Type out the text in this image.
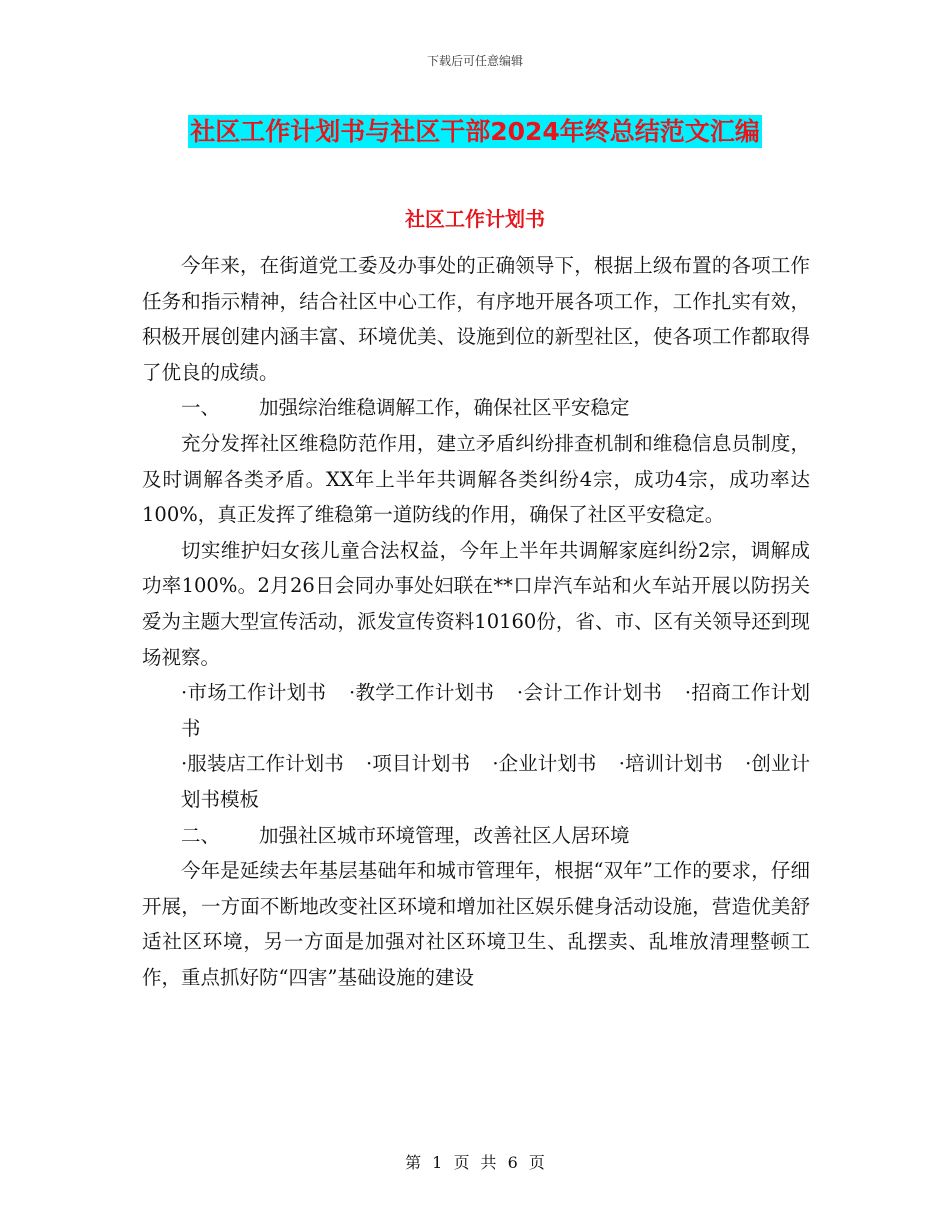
下载后可任意编辑
社区工作计划书与社区干部2024年终总结范文汇编
社区工作计划书

今年来，在街道党工委及办事处的正确领导下，根据上级布置的各项工作任务和指示精神，结合社区中心工作，有序地开展各项工作，工作扎实有效，积极开展创建内涵丰富、环境优美、设施到位的新型社区，使各项工作都取得了优良的成绩。

一、 加强综治维稳调解工作，确保社区平安稳定

充分发挥社区维稳防范作用，建立矛盾纠纷排查机制和维稳信息员制度，及时调解各类矛盾。XX年上半年共调解各类纠纷4宗，成功4宗，成功率达100%，真正发挥了维稳第一道防线的作用，确保了社区平安稳定。

切实维护妇女孩儿童合法权益，今年上半年共调解家庭纠纷2宗，调解成功率100%。2月26日会同办事处妇联在**口岸汽车站和火车站开展以防拐关爱为主题大型宣传活动，派发宣传资料10160份，省、市、区有关领导还到现场视察。

·市场工作计划书 ·教学工作计划书 ·会计工作计划书 ·招商工作计划书

·服装店工作计划书 ·项目计划书 ·企业计划书 ·培训计划书 ·创业计划书模板

二、 加强社区城市环境管理，改善社区人居环境

今年是延续去年基层基础年和城市管理年，根据“双年”工作的要求，仔细开展，一方面不断地改变社区环境和增加社区娱乐健身活动设施，营造优美舒适社区环境，另一方面是加强对社区环境卫生、乱摆卖、乱堆放清理整顿工作，重点抓好防“四害”基础设施的建设

第 1 页 共 6 页
